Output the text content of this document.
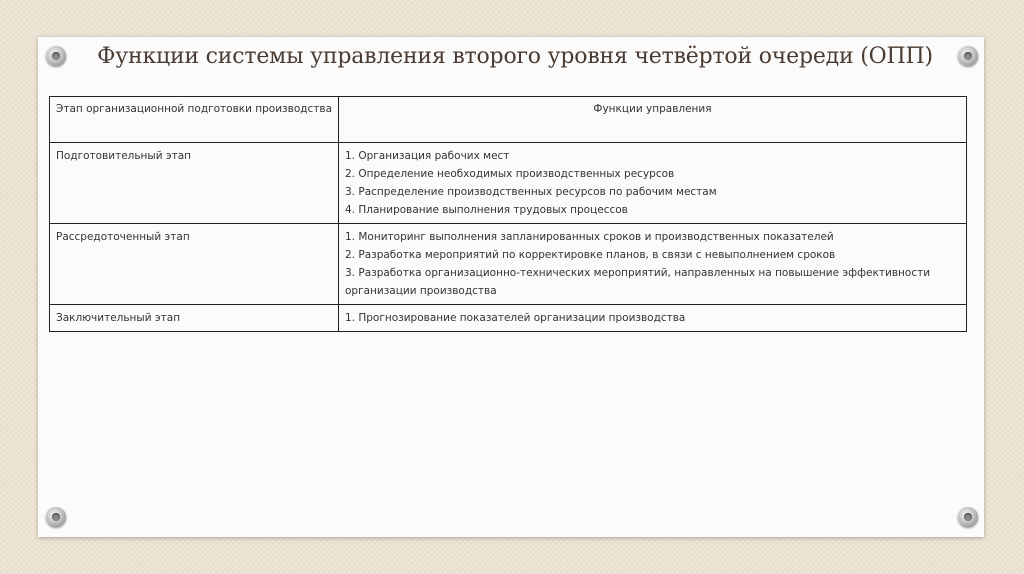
Функции системы управления второго уровня четвёртой очереди (ОПП)
Этап организационной подготовки производства	Функции управления
Подготовительный этап	1. Организация рабочих мест
2. Определение необходимых производственных ресурсов
3. Распределение производственных ресурсов по рабочим местам
4. Планирование выполнения трудовых процессов

Рассредоточенный этап	1. Мониторинг выполнения запланированных сроков и производственных показателей
2. Разработка мероприятий по корректировке планов, в связи с невыполнением сроков
3. Разработка организационно-технических мероприятий, направленных на повышение эффективности организации производства

Заключительный этап	1. Прогнозирование показателей организации производства
